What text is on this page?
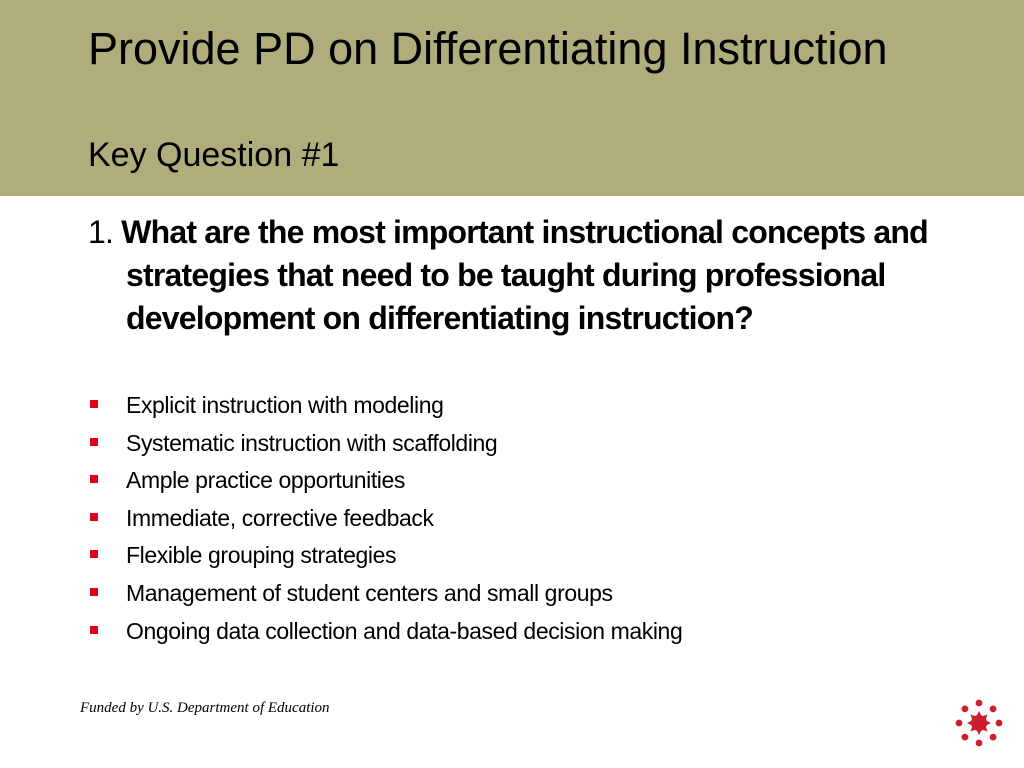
Provide PD on Differentiating Instruction
Key Question #1

1. What are the most important instructional concepts and strategies that need to be taught during professional development on differentiating instruction?

Explicit instruction with modeling
Systematic instruction with scaffolding
Ample practice opportunities
Immediate, corrective feedback
Flexible grouping strategies
Management of student centers and small groups
Ongoing data collection and data-based decision making
Funded by U.S. Department of Education
